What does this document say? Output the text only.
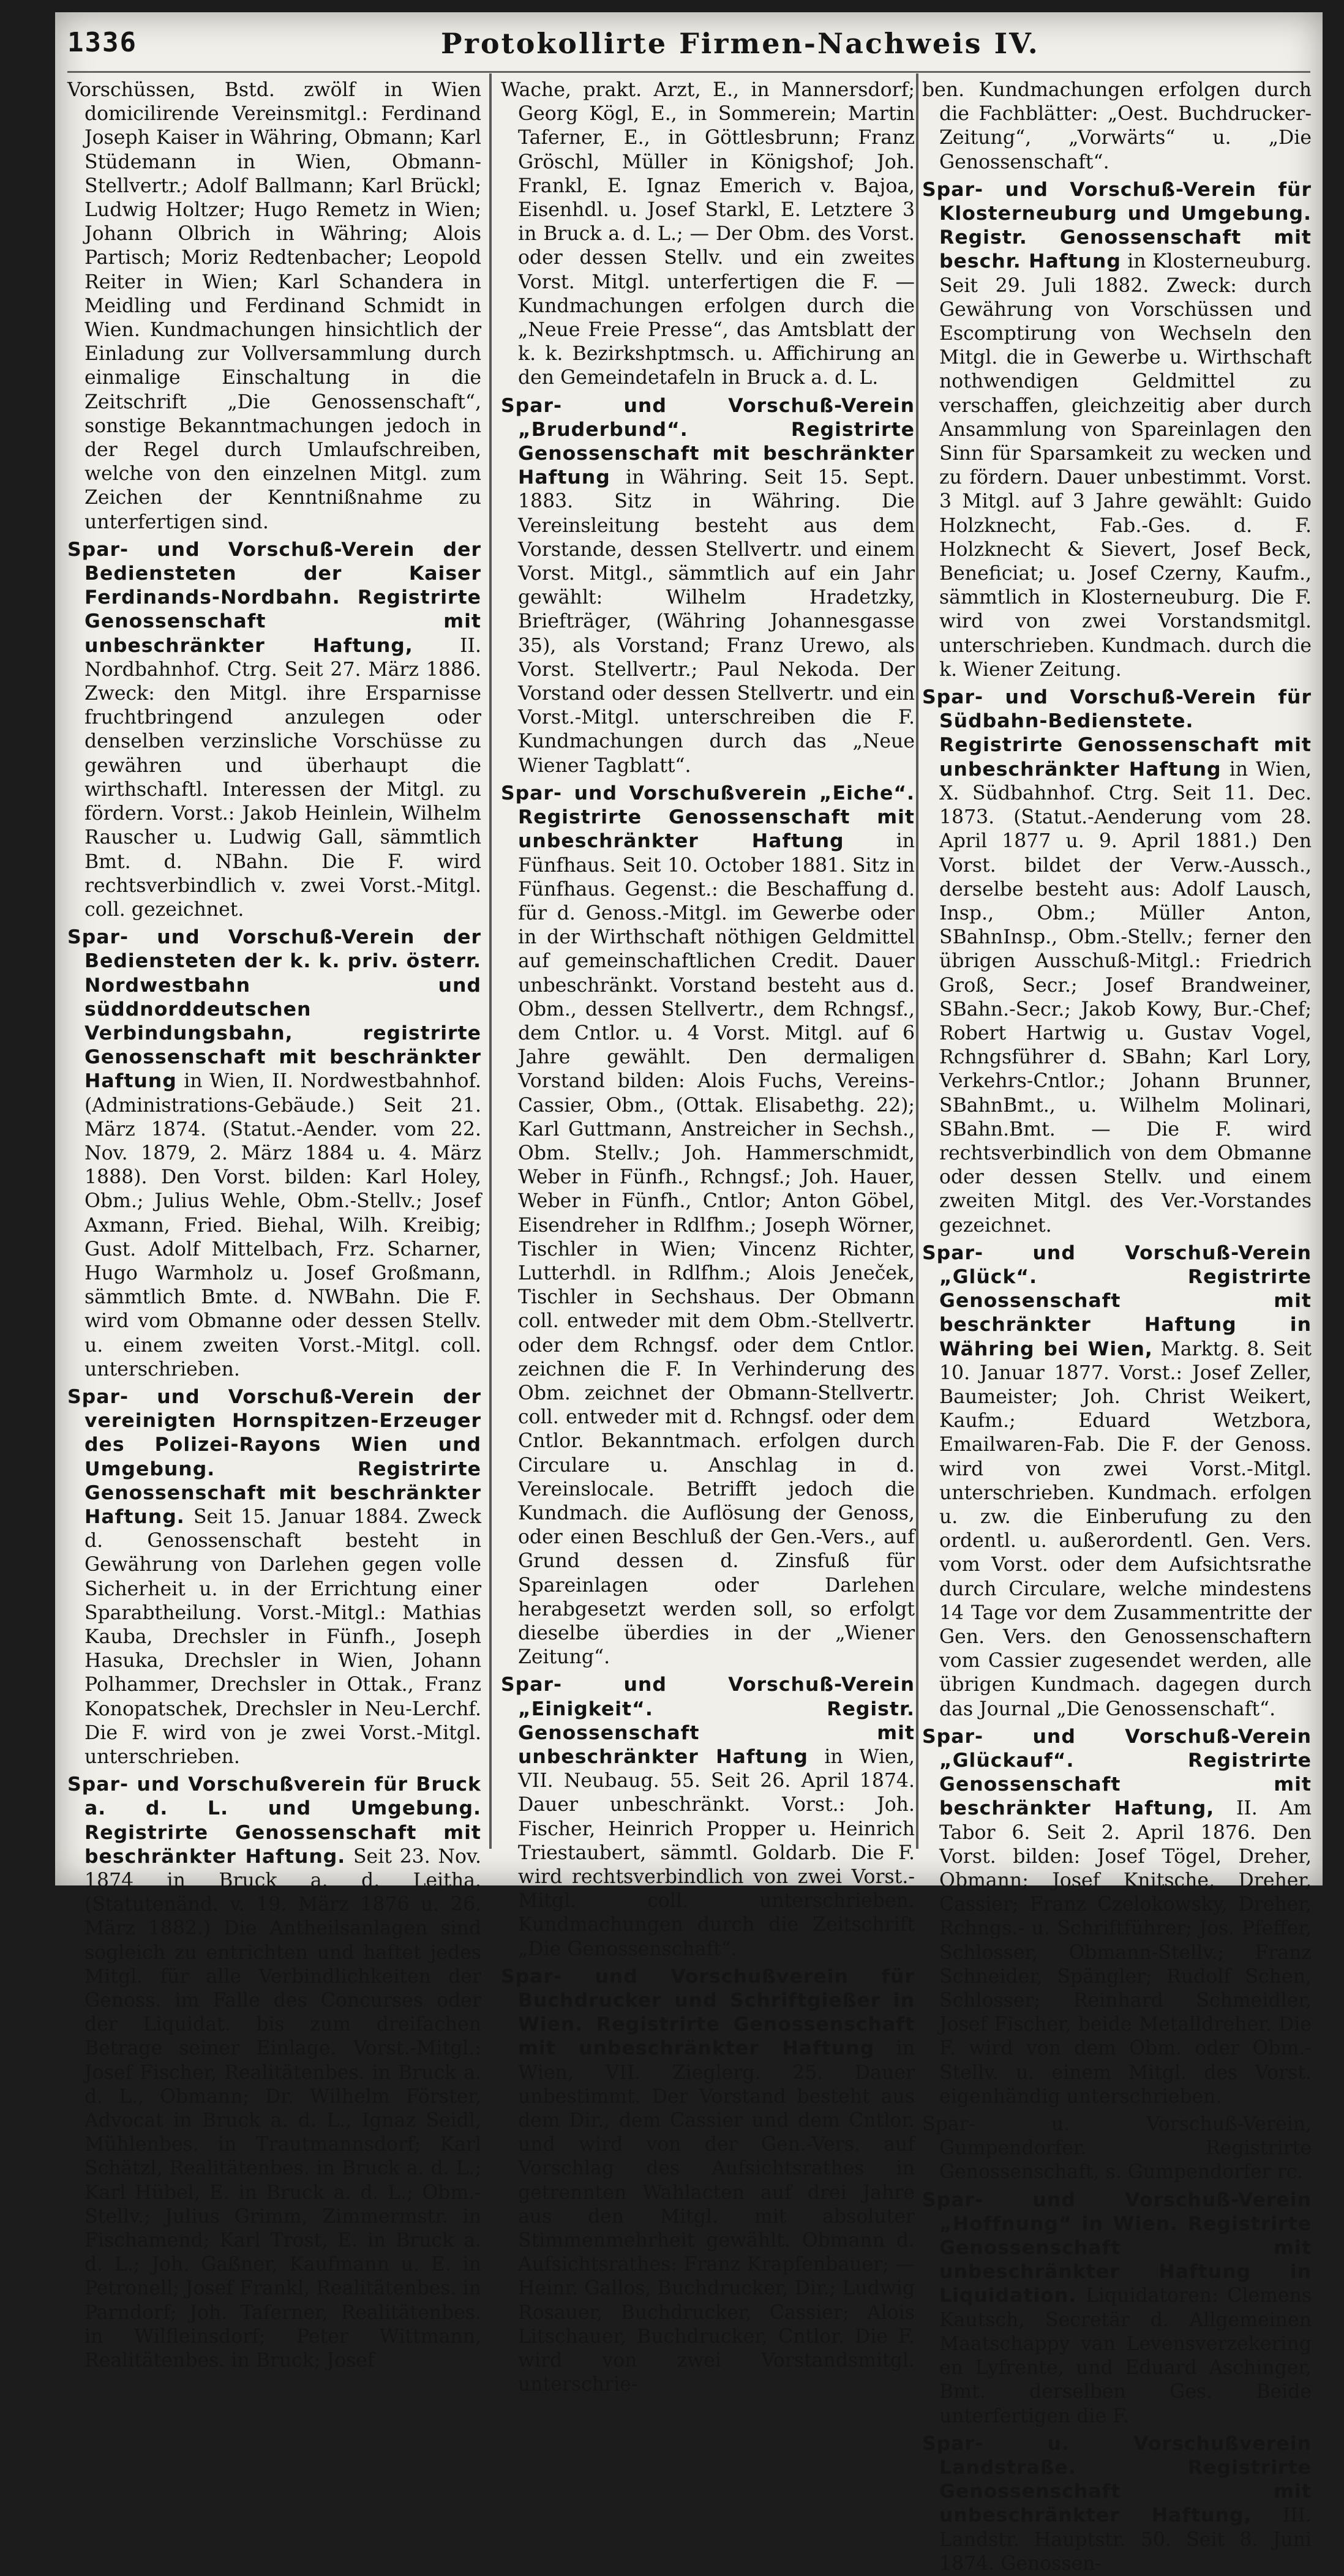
1336	Protokollirte Firmen-Nachweis IV.

Vorschüssen, Bstd. zwölf in Wien domicilirende Vereinsmitgl.: Ferdinand Joseph Kaiser in Währing, Obmann; Karl Stüdemann in Wien, Obmann-Stellvertr.; Adolf Ballmann; Karl Brückl; Ludwig Holtzer; Hugo Remetz in Wien; Johann Olbrich in Währing; Alois Partisch; Moriz Redtenbacher; Leopold Reiter in Wien; Karl Schandera in Meidling und Ferdinand Schmidt in Wien. Kundmachungen hinsichtlich der Einladung zur Vollversammlung durch einmalige Einschaltung in die Zeitschrift „Die Genossenschaft“, sonstige Bekanntmachungen jedoch in der Regel durch Umlaufschreiben, welche von den einzelnen Mitgl. zum Zeichen der Kenntnißnahme zu unterfertigen sind.

Spar- und Vorschuß-Verein der Bediensteten der Kaiser Ferdinands-Nordbahn. Registrirte Genossenschaft mit unbeschränkter Haftung, II. Nordbahnhof. Ctrg. Seit 27. März 1886. Zweck: den Mitgl. ihre Ersparnisse fruchtbringend anzulegen oder denselben verzinsliche Vorschüsse zu gewähren und überhaupt die wirthschaftl. Interessen der Mitgl. zu fördern. Vorst.: Jakob Heinlein, Wilhelm Rauscher u. Ludwig Gall, sämmtlich Bmt. d. NBahn. Die F. wird rechtsverbindlich v. zwei Vorst.-Mitgl. coll. gezeichnet.

Spar- und Vorschuß-Verein der Bediensteten der k. k. priv. österr. Nordwestbahn und süddnorddeutschen Verbindungsbahn, registrirte Genossenschaft mit beschränkter Haftung in Wien, II. Nordwestbahnhof. (Administrations-Gebäude.) Seit 21. März 1874. (Statut.-Aender. vom 22. Nov. 1879, 2. März 1884 u. 4. März 1888). Den Vorst. bilden: Karl Holey, Obm.; Julius Wehle, Obm.-Stellv.; Josef Axmann, Fried. Biehal, Wilh. Kreibig; Gust. Adolf Mittelbach, Frz. Scharner, Hugo Warmholz u. Josef Großmann, sämmtlich Bmte. d. NWBahn. Die F. wird vom Obmanne oder dessen Stellv. u. einem zweiten Vorst.-Mitgl. coll. unterschrieben.

Spar- und Vorschuß-Verein der vereinigten Hornspitzen-Erzeuger des Polizei-Rayons Wien und Umgebung. Registrirte Genossenschaft mit beschränkter Haftung. Seit 15. Januar 1884. Zweck d. Genossenschaft besteht in Gewährung von Darlehen gegen volle Sicherheit u. in der Errichtung einer Sparabtheilung. Vorst.-Mitgl.: Mathias Kauba, Drechsler in Fünfh., Joseph Hasuka, Drechsler in Wien, Johann Polhammer, Drechsler in Ottak., Franz Konopatschek, Drechsler in Neu-Lerchf. Die F. wird von je zwei Vorst.-Mitgl. unterschrieben.

Spar- und Vorschußverein für Bruck a. d. L. und Umgebung. Registrirte Genossenschaft mit beschränkter Haftung. Seit 23. Nov. 1874 in Bruck a. d. Leitha. (Statutenänd. v. 19. März 1876 u. 26. März 1882.) Die Antheilsanlagen sind sogleich zu entrichten und haftet jedes Mitgl. für alle Verbindlichkeiten der Genoss. im Falle des Concurses oder der Liquidat. bis zum dreifachen Betrage seiner Einlage. Vorst.-Mitgl.: Josef Fischer, Realitätenbes. in Bruck a. d. L., Obmann; Dr. Wilhelm Förster, Advocat in Bruck a. d. L., Ignaz Seidl, Mühlenbes. in Trautmannsdorf; Karl Schätzl, Realitätenbes. in Bruck a. d. L.; Karl Hübel, E. in Bruck a. d. L.; Obm.-Stellv.; Julius Grimm, Zimmermstr. in Fischamend; Karl Trost, E. in Bruck a. d. L.; Joh. Gaßner, Kaufmann u. E. in Petronell; Josef Frankl, Realitätenbes. in Parndorf; Joh. Taferner, Realitätenbes. in Wilfleinsdorf; Peter Wittmann, Realitätenbes. in Bruck; Josef

Wache, prakt. Arzt, E., in Mannersdorf; Georg Kögl, E., in Sommerein; Martin Taferner, E., in Göttlesbrunn; Franz Gröschl, Müller in Königshof; Joh. Frankl, E. Ignaz Emerich v. Bajoa, Eisenhdl. u. Josef Starkl, E. Letztere 3 in Bruck a. d. L.; — Der Obm. des Vorst. oder dessen Stellv. und ein zweites Vorst. Mitgl. unterfertigen die F. — Kundmachungen erfolgen durch die „Neue Freie Presse“, das Amtsblatt der k. k. Bezirkshptmsch. u. Affichirung an den Gemeindetafeln in Bruck a. d. L.

Spar- und Vorschuß-Verein „Bruderbund“. Registrirte Genossenschaft mit beschränkter Haftung in Währing. Seit 15. Sept. 1883. Sitz in Währing. Die Vereinsleitung besteht aus dem Vorstande, dessen Stellvertr. und einem Vorst. Mitgl., sämmtlich auf ein Jahr gewählt: Wilhelm Hradetzky, Briefträger, (Währing Johannesgasse 35), als Vorstand; Franz Urewo, als Vorst. Stellvertr.; Paul Nekoda. Der Vorstand oder dessen Stellvertr. und ein Vorst.-Mitgl. unterschreiben die F. Kundmachungen durch das „Neue Wiener Tagblatt“.

Spar- und Vorschußverein „Eiche“. Registrirte Genossenschaft mit unbeschränkter Haftung	in Fünfhaus. Seit 10. October 1881. Sitz in Fünfhaus. Gegenst.: die Beschaffung d. für d. Genoss.-Mitgl. im Gewerbe oder in der Wirthschaft nöthigen Geldmittel auf gemeinschaftlichen Credit. Dauer unbeschränkt. Vorstand besteht aus d. Obm., dessen Stellvertr., dem Rchngsf., dem Cntlor. u. 4 Vorst. Mitgl. auf 6 Jahre gewählt. Den dermaligen Vorstand bilden: Alois Fuchs, Vereins-Cassier, Obm., (Ottak. Elisabethg. 22); Karl Guttmann, Anstreicher in Sechsh., Obm. Stellv.; Joh. Hammerschmidt, Weber in Fünfh., Rchngsf.; Joh. Hauer, Weber in Fünfh., Cntlor; Anton Göbel, Eisendreher in Rdlfhm.; Joseph Wörner, Tischler in Wien; Vincenz Richter, Lutterhdl. in Rdlfhm.; Alois Jeneček, Tischler in Sechshaus. Der Obmann coll. entweder mit dem Obm.-Stellvertr. oder dem Rchngsf. oder dem Cntlor. zeichnen die F. In Verhinderung des Obm. zeichnet der Obmann-Stellvertr. coll. entweder mit d. Rchngsf. oder dem Cntlor. Bekanntmach. erfolgen durch Circulare u. Anschlag in d. Vereinslocale. Betrifft jedoch die Kundmach. die Auflösung der Genoss, oder einen Beschluß der Gen.-Vers., auf Grund dessen d. Zinsfuß für Spareinlagen oder Darlehen herabgesetzt werden soll, so erfolgt dieselbe überdies in der „Wiener Zeitung“.

Spar- und Vorschuß-Verein „Einigkeit“. Registr. Genossenschaft mit unbeschränkter Haftung in Wien, VII. Neubaug. 55. Seit 26. April 1874. Dauer unbeschränkt. Vorst.: Joh. Fischer, Heinrich Propper u. Heinrich Triestaubert, sämmtl. Goldarb. Die F. wird rechtsverbindlich von zwei Vorst.-Mitgl. coll. unterschrieben. Kundmachungen durch die Zeitschrift „Die Genossenschaft“.

Spar- und Vorschußverein für Buchdrucker und Schriftgießer in Wien. Registrirte Genossenschaft mit unbeschränkter Haftung in Wien, VII. Zieglerg. 25. Dauer unbestimmt. Der Vorstand besteht aus dem Dir., dem Cassier und dem Cntlor. und wird von der Gen.-Vers. auf Vorschlag des Aufsichtsrathes in getrennten Wahlacten auf drei Jahre aus den Mitgl. mit absoluter Stimmenmehrheit gewählt. Obmann d. Aufsichtsrathes: Franz Krapfenbauer; — Heinr. Gallos, Buchdrucker, Dir.; Ludwig Rosauer, Buchdrucker, Cassier; Alois Litschauer, Buchdrucker, Cntlor. Die F. wird von zwei Vorstandsmitgl. unterschrie-

ben. Kundmachungen erfolgen durch die Fachblätter: „Oest. Buchdrucker-Zeitung“, „Vorwärts“ u. „Die Genossenschaft“.

Spar- und Vorschuß-Verein für Klosterneuburg und Umgebung. Registr. Genossenschaft mit beschr. Haftung in Klosterneuburg. Seit 29. Juli 1882. Zweck: durch Gewährung von Vorschüssen und Escomptirung von Wechseln den Mitgl. die in Gewerbe u. Wirthschaft nothwendigen Geldmittel zu verschaffen, gleichzeitig aber durch Ansammlung von Spareinlagen den Sinn für Sparsamkeit zu wecken und zu fördern. Dauer unbestimmt. Vorst. 3 Mitgl. auf 3 Jahre gewählt: Guido Holzknecht, Fab.-Ges. d. F. Holzknecht & Sievert, Josef Beck, Beneficiat; u. Josef Czerny, Kaufm., sämmtlich in Klosterneuburg. Die F. wird von zwei Vorstandsmitgl. unterschrieben. Kundmach. durch die k. Wiener Zeitung.

Spar- und Vorschuß-Verein für Südbahn-Bedienstete. Registrirte Genossenschaft mit unbeschränkter Haftung in Wien, X. Südbahnhof. Ctrg. Seit 11. Dec. 1873. (Statut.-Aenderung vom 28. April 1877 u. 9. April 1881.) Den Vorst. bildet der Verw.-Aussch., derselbe besteht aus: Adolf Lausch, Insp., Obm.; Müller Anton, SBahnInsp., Obm.-Stellv.; ferner den übrigen Ausschuß-Mitgl.: Friedrich Groß, Secr.; Josef Brandweiner, SBahn.-Secr.; Jakob Kowy, Bur.-Chef; Robert Hartwig u. Gustav Vogel, Rchngsführer d. SBahn; Karl Lory, Verkehrs-Cntlor.; Johann Brunner, SBahnBmt., u. Wilhelm Molinari, SBahn.Bmt. — Die F. wird rechtsverbindlich von dem Obmanne oder dessen Stellv. und einem zweiten Mitgl. des Ver.-Vorstandes gezeichnet.

Spar- und Vorschuß-Verein „Glück“. Registrirte Genossenschaft mit beschränkter Haftung in Währing bei Wien, Marktg. 8. Seit 10. Januar 1877. Vorst.: Josef Zeller, Baumeister; Joh. Christ Weikert, Kaufm.; Eduard Wetzbora, Emailwaren-Fab. Die F. der Genoss. wird von zwei Vorst.-Mitgl. unterschrieben. Kundmach. erfolgen u. zw. die Einberufung zu den ordentl. u. außerordentl. Gen. Vers. vom Vorst. oder dem Aufsichtsrathe durch Circulare, welche mindestens 14 Tage vor dem Zusammentritte der Gen. Vers. den Genossenschaftern vom Cassier zugesendet werden, alle übrigen Kundmach. dagegen durch das Journal „Die Genossenschaft“.

Spar- und Vorschuß-Verein „Glückauf“. Registrirte Genossenschaft mit beschränkter Haftung, II. Am Tabor 6. Seit 2. April 1876. Den Vorst. bilden: Josef Tögel, Dreher, Obmann; Josef Knitsche, Dreher, Cassier; Franz Czelokowsky, Dreher, Rchngs.- u. Schriftführer; Jos. Pfeffer, Schlosser, Obmann-Stellv.; Franz Schneider, Spängler; Rudolf Schen, Schlosser; Reinhard Schmeidler, Josef Fischer, beide Metalldreher. Die F. wird von dem Obm. oder Obm.-Stellv. u. einem Mitgl. des Vorst. eigenhändig unterschrieben.

Spar- u. Vorschuß-Verein, Gumpendorfer. Registrirte Genossenschaft, s. Gumpendorfer rc.

Spar- und Vorschuß-Verein „Hoffnung“ in Wien. Registrirte Genossenschaft mit unbeschränkter Haftung in Liquidation. Liquidatoren: Clemens Kautsch, Secretär d. Allgemeinen Maatschappy van Levensverzekering en Lyfrente, und Eduard Aschinger, Bmt. derselben Ges. Beide unterfertigen die F.

Spar- u. Vorschußverein Landstraße. Registrirte Genossenschaft mit unbeschränkter Haftung, III. Landstr. Hauptstr. 50. Seit 8. Juni 1874. Genossen-
